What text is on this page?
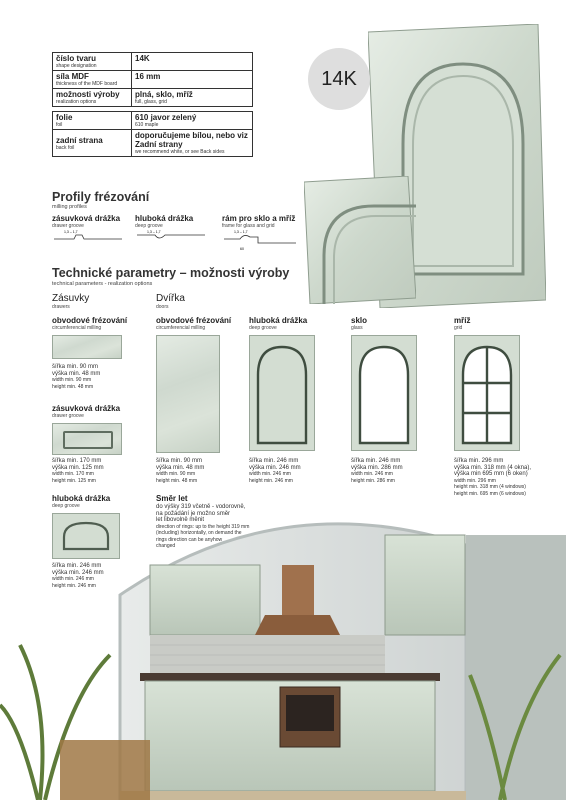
14K
číslo tvaru
shape designation	14K

síla MDF
thickness of the MDF board	16 mm

možnosti výroby
realization options	plná, sklo, mříž
full, glass, grid

folie
foil	610 javor zelený
610 maple

zadní strana
back foil	doporučujeme bílou, nebo viz Zadní strany
we recommend white, or see Back sides
Profily frézování
milling profiles
zásuvková drážka
drawer groove
1,3 – 1,7
hluboká drážka
deep groove
1,3 – 1,7
rám pro sklo a mříž
frame for glass and grid
1,3 – 1,7
60
Technické parametry – možnosti výroby
technical parameters - realization options
Zásuvky
drawers
Dvířka
doors
obvodové frézování
circumferencial milling
šířka min. 90 mm
výška min. 48 mm
width min. 90 mm
height min. 48 mm
zásuvková drážka
drawer groove
šířka min. 170 mm
výška min. 125 mm
width min. 170 mm
height min. 125 mm
hluboká drážka
deep groove
šířka min. 246 mm
výška min. 246 mm
width min. 246 mm
height min. 246 mm
obvodové frézování
circumferencial milling
šířka min. 90 mm
výška min. 48 mm
width min. 90 mm
height min. 48 mm
hluboká drážka
deep groove
šířka min. 246 mm
výška min. 246 mm
width min. 246 mm
height min. 246 mm
sklo
glass
šířka min. 246 mm
výška min. 286 mm
width min. 246 mm
height min. 286 mm
mříž
grid
šířka min. 296 mm
výška min. 318 mm (4 okna),
výška min 695 mm (6 oken)
width min. 296 mm
height min. 318 mm (4 windows)
height min. 695 mm (6 windows)
Směr let
do výšky 319 včetně - vodorovně,
na požádání je možno směr
let libovolně měnit
direction of rings: up to the height 319 mm
(including) horizontally, on demand the
rings direction can be anyhow
changed
